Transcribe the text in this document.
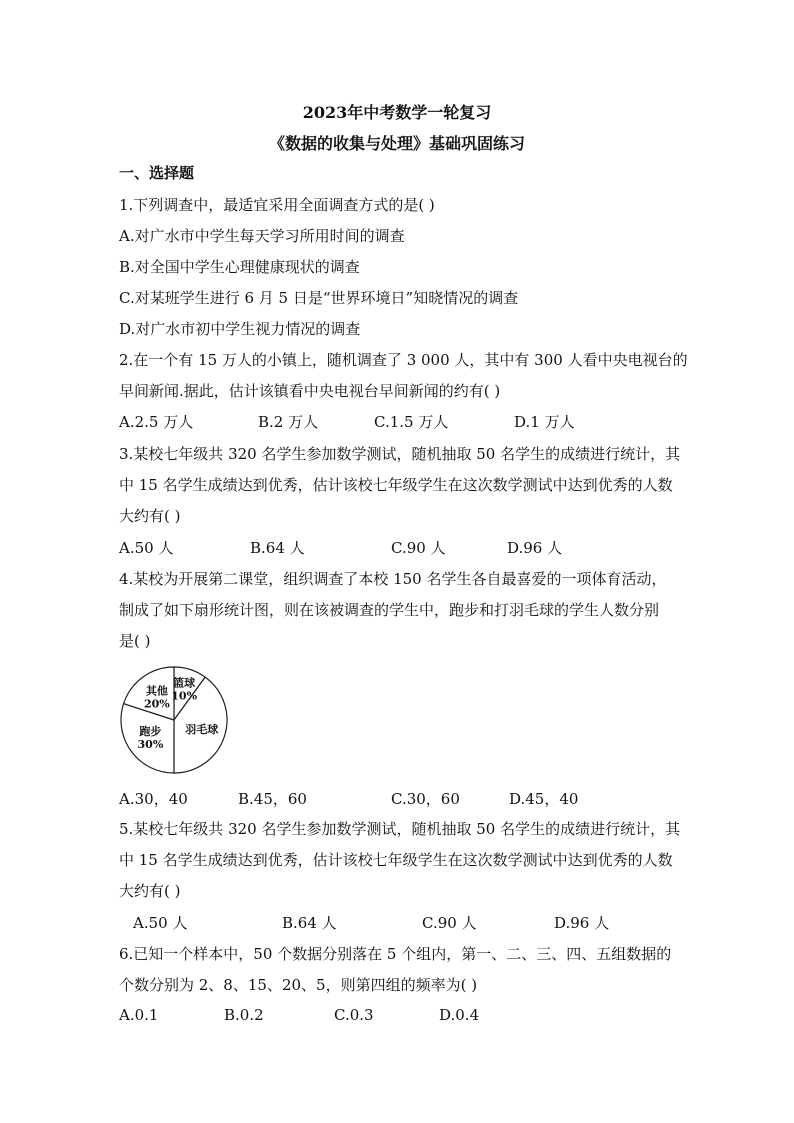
2023年中考数学一轮复习
《数据的收集与处理》基础巩固练习
一、选择题
1.下列调查中，最适宜采用全面调查方式的是( )
A.对广水市中学生每天学习所用时间的调查
B.对全国中学生心理健康现状的调查
C.对某班学生进行 6 月 5 日是“世界环境日”知晓情况的调查
D.对广水市初中学生视力情况的调查
2.在一个有 15 万人的小镇上，随机调查了 3 000 人，其中有 300 人看中央电视台的
早间新闻.据此，估计该镇看中央电视台早间新闻的约有( )
A.2.5 万人	B.2 万人	C.1.5 万人	D.1 万人
3.某校七年级共 320 名学生参加数学测试，随机抽取 50 名学生的成绩进行统计，其
中 15 名学生成绩达到优秀，估计该校七年级学生在这次数学测试中达到优秀的人数
大约有( )
A.50 人	B.64 人	C.90 人	D.96 人
4.某校为开展第二课堂，组织调查了本校 150 名学生各自最喜爱的一项体育活动，
制成了如下扇形统计图，则在该被调查的学生中，跑步和打羽毛球的学生人数分别
是( )
篮球
10%
羽毛球
跑步
30%
其他
20%
A.30，40	B.45，60	C.30，60	D.45，40
5.某校七年级共 320 名学生参加数学测试，随机抽取 50 名学生的成绩进行统计，其
中 15 名学生成绩达到优秀，估计该校七年级学生在这次数学测试中达到优秀的人数
大约有( )
A.50 人	B.64 人	C.90 人	D.96 人
6.已知一个样本中，50 个数据分别落在 5 个组内，第一、二、三、四、五组数据的
个数分别为 2、8、15、20、5，则第四组的频率为( )
A.0.1	B.0.2	C.0.3	D.0.4
